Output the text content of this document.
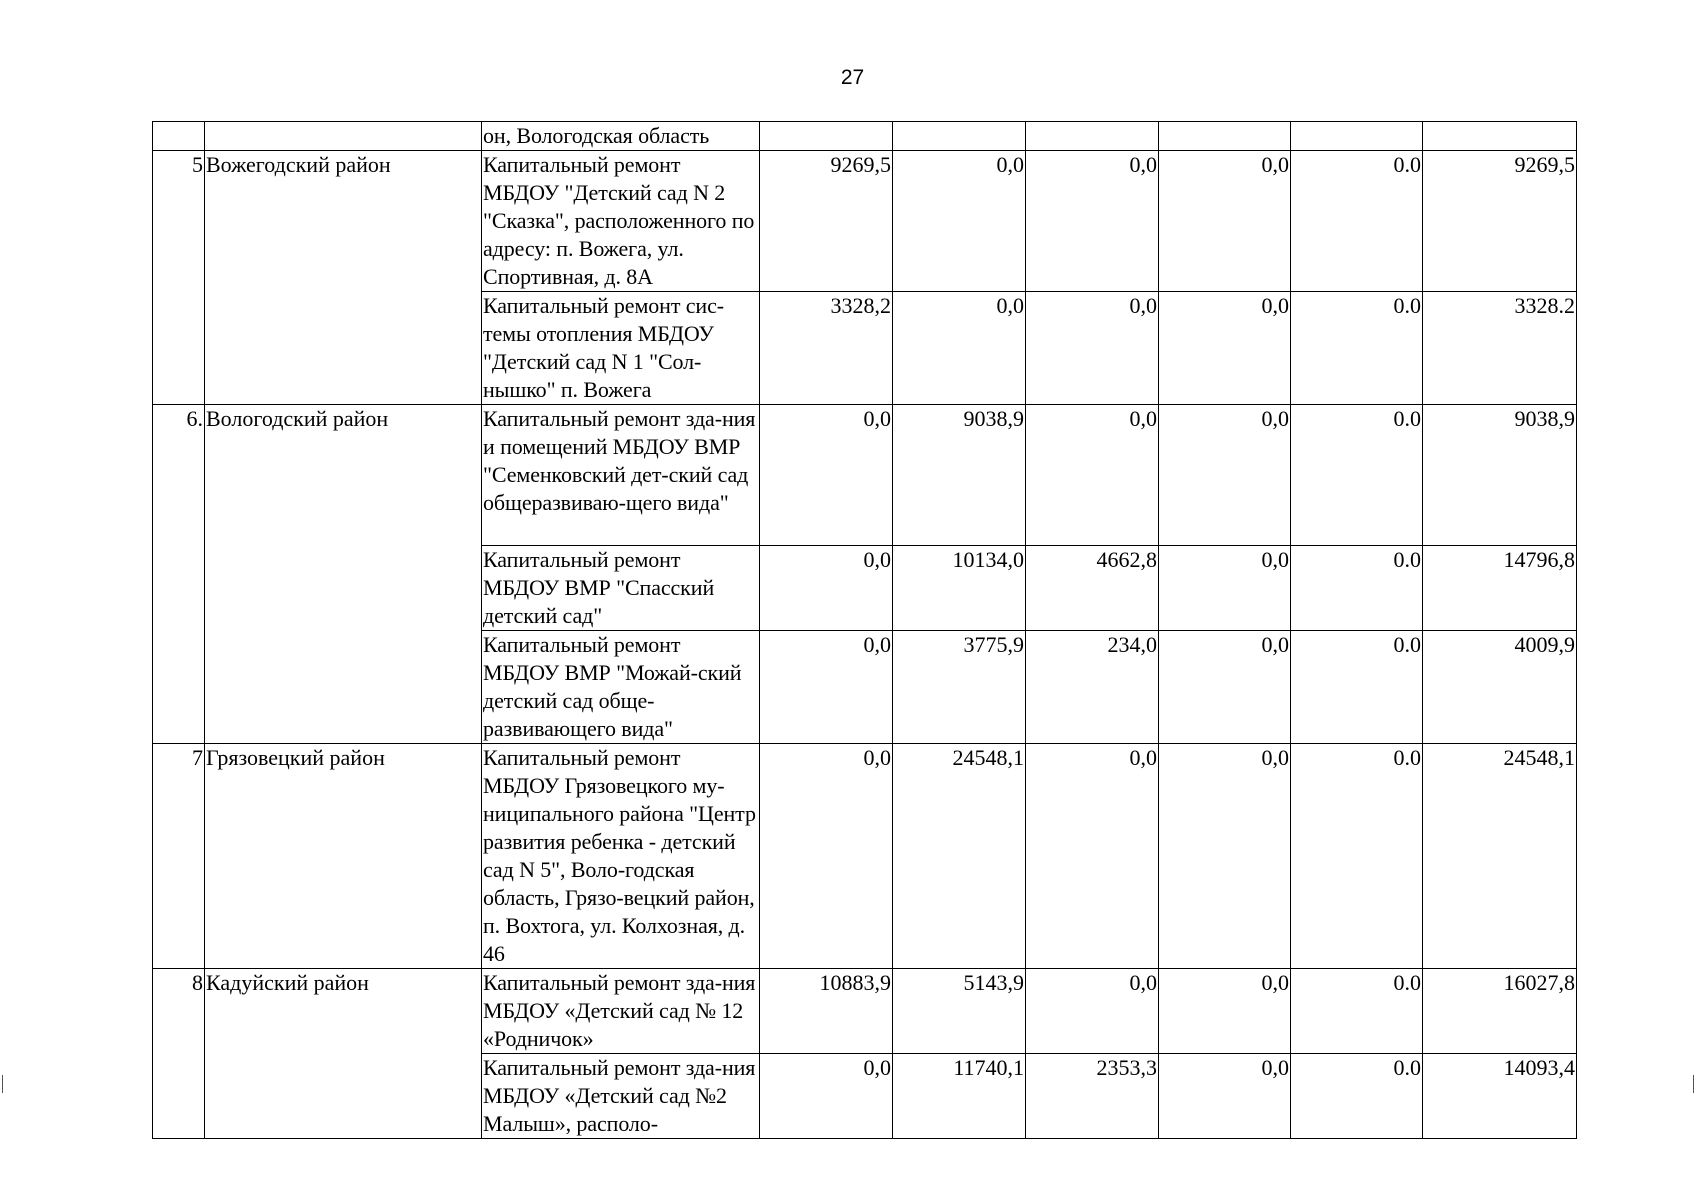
27
		он, Вологодская область						
5	Вожегодский район	Капитальный ремонт МБДОУ "Детский сад N 2 "Сказка", расположенного по адресу: п. Вожега, ул. Спортивная, д. 8А	9269,5	0,0	0,0	0,0	0.0	9269,5
		Капитальный ремонт сис-темы отопления МБДОУ "Детский сад N 1 "Сол-нышко" п. Вожега	3328,2	0,0	0,0	0,0	0.0	3328.2
6.	Вологодский район	Капитальный ремонт зда-ния и помещений МБДОУ ВМР "Семенковский дет-ский сад общеразвиваю-щего вида"	0,0	9038,9	0,0	0,0	0.0	9038,9
		Капитальный ремонт МБДОУ ВМР "Спасский детский сад"	0,0	10134,0	4662,8	0,0	0.0	14796,8
		Капитальный ремонт МБДОУ ВМР "Можай-ский детский сад обще-развивающего вида"	0,0	3775,9	234,0	0,0	0.0	4009,9
7	Грязовецкий район	Капитальный ремонт МБДОУ Грязовецкого му-ниципального района "Центр развития ребенка - детский сад N 5", Воло-годская область, Грязо-вецкий район, п. Вохтога, ул. Колхозная, д. 46	0,0	24548,1	0,0	0,0	0.0	24548,1
8	Кадуйский район	Капитальный ремонт зда-ния МБДОУ «Детский сад № 12 «Родничок»	10883,9	5143,9	0,0	0,0	0.0	16027,8
		Капитальный ремонт зда-ния МБДОУ «Детский сад №2 Малыш», располо-	0,0	11740,1	2353,3	0,0	0.0	14093,4
